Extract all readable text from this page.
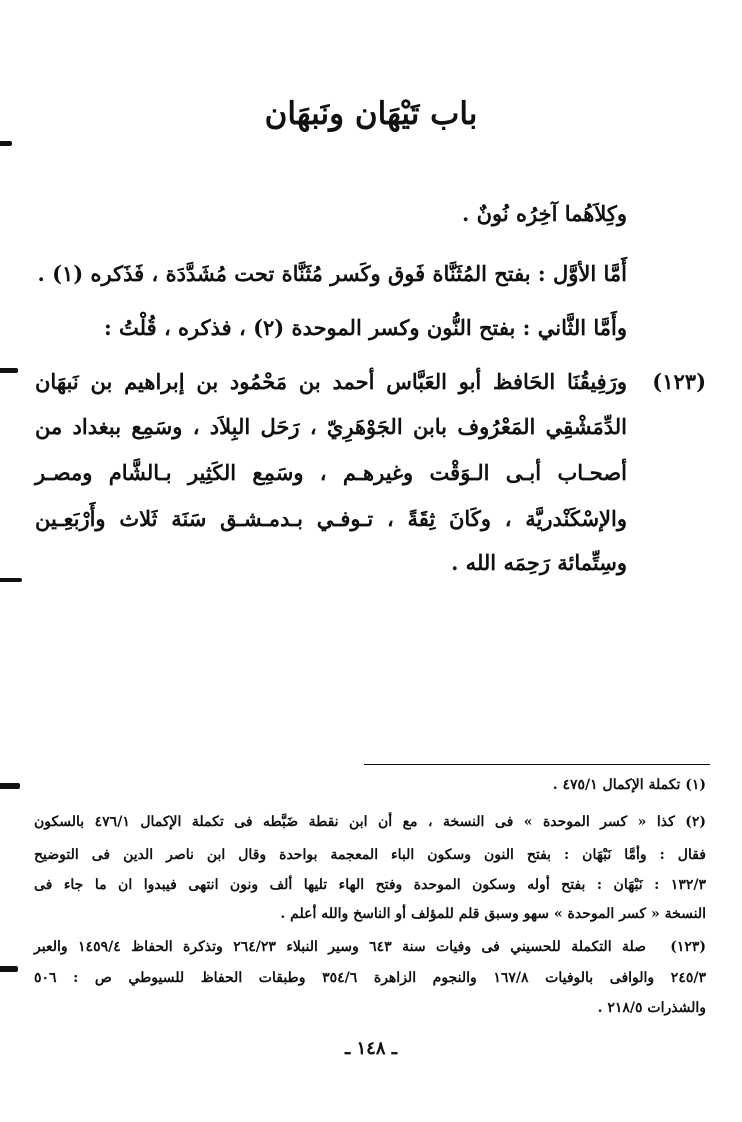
باب تَيْهَان ونَبهَان
وكِلاَهُما آخِرُه نُونٌ .
أَمَّا الأوَّل : بفتح المُثَنَّاة فَوق وكَسر مُثَنَّاة تحت مُشَدَّدَة ، فَذَكره (١) .
وأَمَّا الثَّاني : بفتح النُّون وكسر الموحدة (٢) ، فذكره ، قُلْتُ :
(١٢٣)
ورَفِيقُنَا الحَافظ أبو العَبَّاس أحمد بن مَحْمُود بن إبراهيم بن نَبهَان
الدِّمَشْقِي المَعْرُوف بابن الجَوْهَرِيّ ، رَحَل البِلاَد ، وسَمِع ببغداد من
أصحـاب أبـى الـوَقْت وغيرهـم ، وسَمِع الكَثِير بـالشَّام ومصـر
والإسْكَنْدريَّة ، وكَانَ ثِقَةً ، تـوفـي بـدمـشـق سَنَة ثَلاث وأَرْبَعِـين
وسِتِّمائة رَحِمَه الله .
(١) تكملة الإكمال ٤٧٥/١ .
(٢) كذا « كسر الموحدة » فى النسخة ، مع أن ابن نقطة ضَبَّطه فى تكملة الإكمال ٤٧٦/١ بالسكون
فقال : وأمَّا نَبْهَان : بفتح النون وسكون الباء المعجمة بواحدة وقال ابن ناصر الدين فى التوضيح
١٣٢/٣ : نَبْهَان : بفتح أوله وسكون الموحدة وفتح الهاء تليها ألف ونون انتهى فيبدوا ان ما جاء فى
النسخة « كسر الموحدة » سهو وسبق قلم للمؤلف أو الناسخ والله أعلم .
(١٢٣)
صلة التكملة للحسيني فى وفيات سنة ٦٤٣ وسير النبلاء ٢٦٤/٢٣ وتذكرة الحفاظ ١٤٥٩/٤ والعبر
٢٤٥/٣ والوافى بالوفيات ١٦٧/٨ والنجوم الزاهرة ٣٥٤/٦ وطبقات الحفاظ للسيوطي ص : ٥٠٦
والشذرات ٢١٨/٥ .
ـ ١٤٨ ـ
